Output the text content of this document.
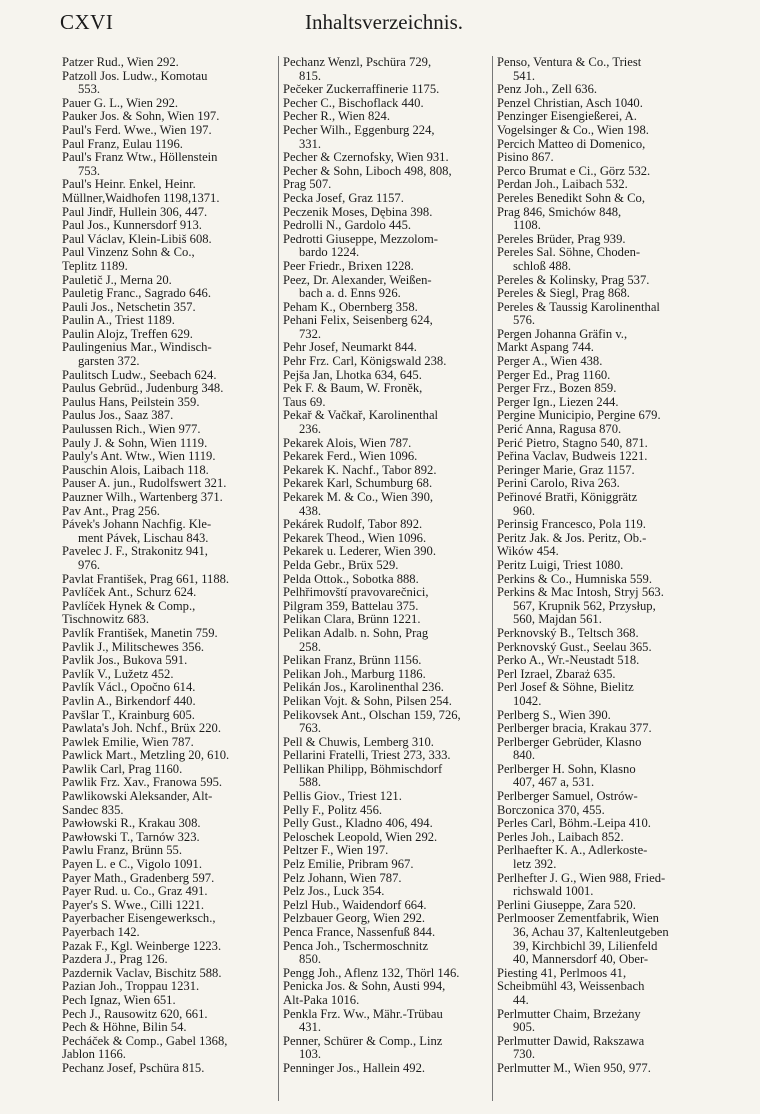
CXVI	Inhaltsverzeichnis.
Patzer Rud., Wien 292.
Patzoll Jos. Ludw., Komotau
553.
Pauer G. L., Wien 292.
Pauker Jos. & Sohn, Wien 197.
Paul's Ferd. Wwe., Wien 197.
Paul Franz, Eulau 1196.
Paul's Franz Wtw., Höllenstein
753.
Paul's Heinr. Enkel, Heinr.
Müllner,Waidhofen 1198,1371.
Paul Jindř, Hullein 306, 447.
Paul Jos., Kunnersdorf 913.
Paul Václav, Klein-Libiš 608.
Paul Vinzenz Sohn & Co.,
Teplitz 1189.
Pauletič J., Merna 20.
Pauletig Franc., Sagrado 646.
Pauli Jos., Netschetin 357.
Paulin A., Triest 1189.
Paulin Alojz, Treffen 629.
Paulingenius Mar., Windisch-
garsten 372.
Paulitsch Ludw., Seebach 624.
Paulus Gebrüd., Judenburg 348.
Paulus Hans, Peilstein 359.
Paulus Jos., Saaz 387.
Paulussen Rich., Wien 977.
Pauly J. & Sohn, Wien 1119.
Pauly's Ant. Wtw., Wien 1119.
Pauschin Alois, Laibach 118.
Pauser A. jun., Rudolfswert 321.
Pauzner Wilh., Wartenberg 371.
Pav Ant., Prag 256.
Pávek's Johann Nachfig. Kle-
ment Pávek, Lischau 843.
Pavelec J. F., Strakonitz 941,
976.
Pavlat František, Prag 661, 1188.
Pavlíček Ant., Schurz 624.
Pavlíček Hynek & Comp.,
Tischnowitz 683.
Pavlík František, Manetin 759.
Pavlik J., Militschewes 356.
Pavlik Jos., Bukova 591.
Pavlík V., Lužetz 452.
Pavlík Václ., Opočno 614.
Pavlin A., Birkendorf 440.
Pavšlar T., Krainburg 605.
Pawlata's Joh. Nchf., Brüx 220.
Pawlek Emilie, Wien 787.
Pawlick Mart., Metzling 20, 610.
Pawlik Carl, Prag 1160.
Pawlik Frz. Xav., Franowa 595.
Pawlikowski Aleksander, Alt-
Sandec 835.
Pawłowski R., Krakau 308.
Pawłowski T., Tarnów 323.
Pawlu Franz, Brünn 55.
Payen L. e C., Vigolo 1091.
Payer Math., Gradenberg 597.
Payer Rud. u. Co., Graz 491.
Payer's S. Wwe., Cilli 1221.
Payerbacher Eisengewerksch.,
Payerbach 142.
Pazak F., Kgl. Weinberge 1223.
Pazdera J., Prag 126.
Pazdernik Vaclav, Bischitz 588.
Pazian Joh., Troppau 1231.
Pech Ignaz, Wien 651.
Pech J., Rausowitz 620, 661.
Pech & Höhne, Bilin 54.
Pecháček & Comp., Gabel 1368,
Jablon 1166.
Pechanz Josef, Pschüra 815.
Pechanz Wenzl, Pschüra 729,
815.
Pečeker Zuckerraffinerie 1175.
Pecher C., Bischoflack 440.
Pecher R., Wien 824.
Pecher Wilh., Eggenburg 224,
331.
Pecher & Czernofsky, Wien 931.
Pecher & Sohn, Liboch 498, 808,
Prag 507.
Pecka Josef, Graz 1157.
Peczenik Moses, Dębina 398.
Pedrolli N., Gardolo 445.
Pedrotti Giuseppe, Mezzolom-
bardo 1224.
Peer Friedr., Brixen 1228.
Peez, Dr. Alexander, Weißen-
bach a. d. Enns 926.
Peham K., Obernberg 358.
Pehani Felix, Seisenberg 624,
732.
Pehr Josef, Neumarkt 844.
Pehr Frz. Carl, Königswald 238.
Pejša Jan, Lhotka 634, 645.
Pek F. & Baum, W. Froněk,
Taus 69.
Pekař & Vačkař, Karolinenthal
236.
Pekarek Alois, Wien 787.
Pekarek Ferd., Wien 1096.
Pekarek K. Nachf., Tabor 892.
Pekarek Karl, Schumburg 68.
Pekarek M. & Co., Wien 390,
438.
Pekárek Rudolf, Tabor 892.
Pekarek Theod., Wien 1096.
Pekarek u. Lederer, Wien 390.
Pelda Gebr., Brüx 529.
Pelda Ottok., Sobotka 888.
Pelhřimovští pravovarečnici,
Pilgram 359, Battelau 375.
Pelikan Clara, Brünn 1221.
Pelikan Adalb. n. Sohn, Prag
258.
Pelikan Franz, Brünn 1156.
Pelikan Joh., Marburg 1186.
Pelikán Jos., Karolinenthal 236.
Pelikan Vojt. & Sohn, Pilsen 254.
Pelikovsek Ant., Olschan 159, 726,
763.
Pell & Chuwis, Lemberg 310.
Pellarini Fratelli, Triest 273, 333.
Pellikan Philipp, Böhmischdorf
588.
Pellis Giov., Triest 121.
Pelly F., Politz 456.
Pelly Gust., Kladno 406, 494.
Peloschek Leopold, Wien 292.
Peltzer F., Wien 197.
Pelz Emilie, Pribram 967.
Pelz Johann, Wien 787.
Pelz Jos., Luck 354.
Pelzl Hub., Waidendorf 664.
Pelzbauer Georg, Wien 292.
Penca France, Nassenfuß 844.
Penca Joh., Tschermoschnitz
850.
Pengg Joh., Aflenz 132, Thörl 146.
Penicka Jos. & Sohn, Austi 994,
Alt-Paka 1016.
Penkla Frz. Ww., Mähr.-Trübau
431.
Penner, Schürer & Comp., Linz
103.
Penninger Jos., Hallein 492.
Penso, Ventura & Co., Triest
541.
Penz Joh., Zell 636.
Penzel Christian, Asch 1040.
Penzinger Eisengießerei, A.
Vogelsinger & Co., Wien 198.
Percich Matteo di Domenico,
Pisino 867.
Perco Brumat e Ci., Görz 532.
Perdan Joh., Laibach 532.
Pereles Benedikt Sohn & Co,
Prag 846, Smichów 848,
1108.
Pereles Brüder, Prag 939.
Pereles Sal. Söhne, Choden-
schloß 488.
Pereles & Kolinsky, Prag 537.
Pereles & Siegl, Prag 868.
Pereles & Taussig Karolinenthal
576.
Pergen Johanna Gräfin v.,
Markt Aspang 744.
Perger A., Wien 438.
Perger Ed., Prag 1160.
Perger Frz., Bozen 859.
Perger Ign., Liezen 244.
Pergine Municipio, Pergine 679.
Perić Anna, Ragusa 870.
Perić Pietro, Stagno 540, 871.
Peřina Vaclav, Budweis 1221.
Peringer Marie, Graz 1157.
Perini Carolo, Riva 263.
Peřinové Bratři, Königgrätz
960.
Perinsig Francesco, Pola 119.
Peritz Jak. & Jos. Peritz, Ob.-
Wików 454.
Peritz Luigi, Triest 1080.
Perkins & Co., Humniska 559.
Perkins & Mac Intosh, Stryj 563.
567, Krupnik 562, Przysłup,
560, Majdan 561.
Perknovský B., Teltsch 368.
Perknovský Gust., Seelau 365.
Perko A., Wr.-Neustadt 518.
Perl Izrael, Zbaraż 635.
Perl Josef & Söhne, Bielitz
1042.
Perlberg S., Wien 390.
Perlberger bracia, Krakau 377.
Perlberger Gebrüder, Klasno
840.
Perlberger H. Sohn, Klasno
407, 467 a, 531.
Perlberger Samuel, Ostrów-
Borczonica 370, 455.
Perles Carl, Böhm.-Leipa 410.
Perles Joh., Laibach 852.
Perlhaefter K. A., Adlerkoste-
letz 392.
Perlhefter J. G., Wien 988, Fried-
richswald 1001.
Perlini Giuseppe, Zara 520.
Perlmooser Zementfabrik, Wien
36, Achau 37, Kaltenleutgeben
39, Kirchbichl 39, Lilienfeld
40, Mannersdorf 40, Ober-
Piesting 41, Perlmoos 41,
Scheibmühl 43, Weissenbach
44.
Perlmutter Chaim, Brzeżany
905.
Perlmutter Dawid, Rakszawa
730.
Perlmutter M., Wien 950, 977.
